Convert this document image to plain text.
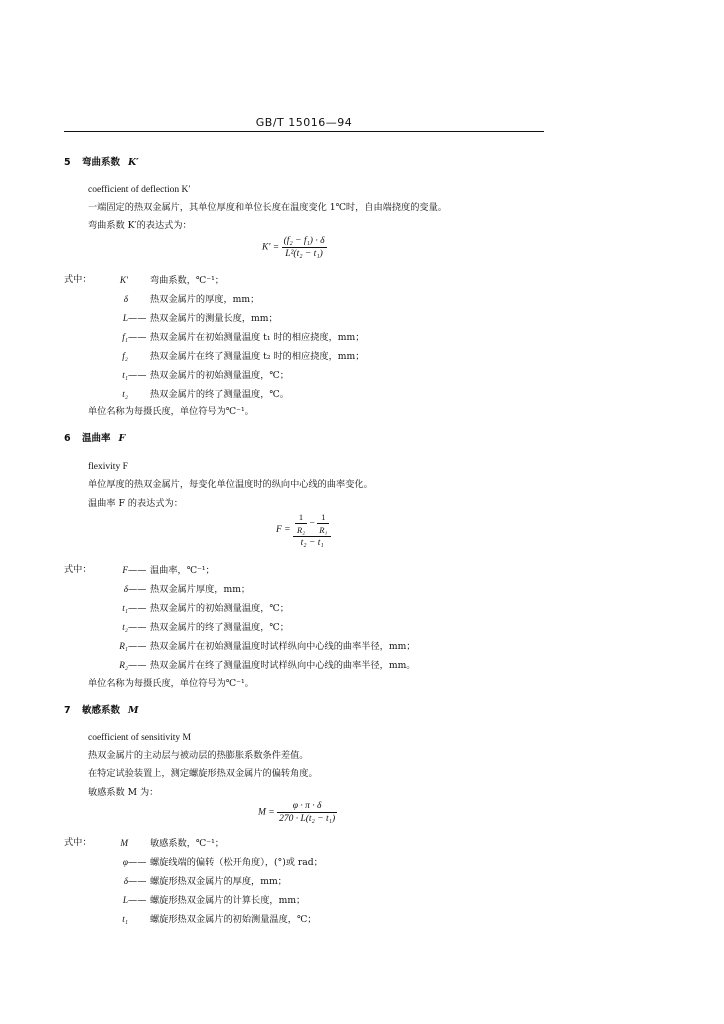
GB/T 15016—94
5 弯曲系数 K′
coefficient of deflection K′
一端固定的热双金属片，其单位厚度和单位长度在温度变化 1℃时，自由端挠度的变量。
弯曲系数 K′的表达式为：
$K' = \frac{\text{(f₂ − f₁) · δ}}{\text{L²(t₂ − t₁)}}$
式中：	K′ 弯曲系数，℃⁻¹；
δ 热双金属片的厚度，mm；
L—— 热双金属片的测量长度，mm；
f₁—— 热双金属片在初始测量温度 t₁ 时的相应挠度，mm；
f₂ 热双金属片在终了测量温度 t₂ 时的相应挠度，mm；
t₁—— 热双金属片的初始测量温度，℃；
t₂ 热双金属片的终了测量温度，℃。
单位名称为每摄氏度，单位符号为℃⁻¹。
6 温曲率 F
flexivity F
单位厚度的热双金属片，每变化单位温度时的纵向中心线的曲率变化。
温曲率 F 的表达式为：
$F = \frac{1}{\text{R₂}} - \frac{1}{\text{R₁}}$
t₂ − t₁
式中：	F—— 温曲率，℃⁻¹；
δ—— 热双金属片厚度，mm；
t₁—— 热双金属片的初始测量温度，℃；
t₂—— 热双金属片的终了测量温度，℃；
R₁—— 热双金属片在初始测量温度时试样纵向中心线的曲率半径，mm；
R₂—— 热双金属片在终了测量温度时试样纵向中心线的曲率半径，mm。
单位名称为每摄氏度，单位符号为℃⁻¹。
7 敏感系数 M
coefficient of sensitivity M
热双金属片的主动层与被动层的热膨胀系数条件差值。
在特定试验装置上，测定螺旋形热双金属片的偏转角度。
敏感系数 M 为：
$M = \frac{\varphi \cdot \pi \cdot \delta}{\text{270 · L(t₂ − t₁)}}$
式中：	M 敏感系数，℃⁻¹；
φ—— 螺旋线端的偏转（松开角度），(°)或 rad；
δ—— 螺旋形热双金属片的厚度，mm；
L—— 螺旋形热双金属片的计算长度，mm；
t₁ 螺旋形热双金属片的初始测量温度，℃；
